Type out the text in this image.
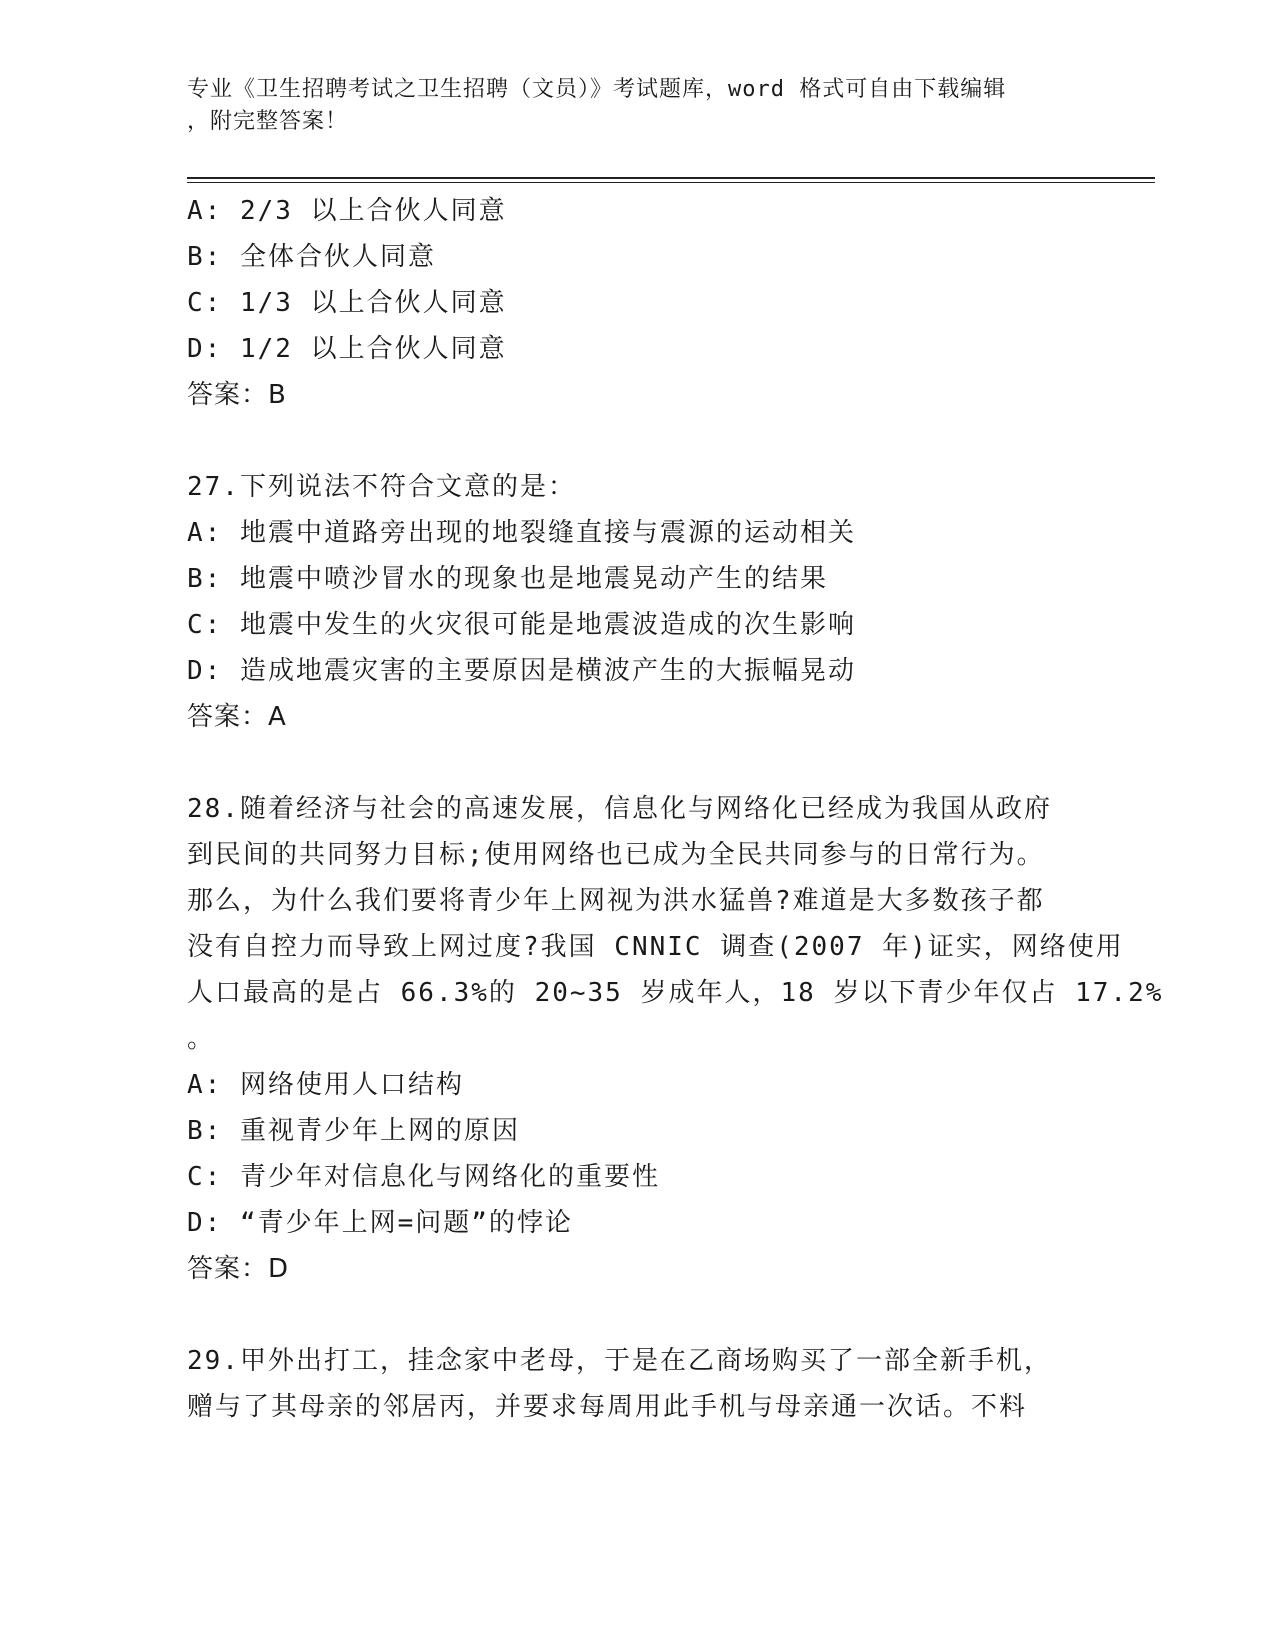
专业《卫生招聘考试之卫生招聘（文员）》考试题库，word 格式可自由下载编辑
，附完整答案！
A: 2/3 以上合伙人同意
B: 全体合伙人同意
C: 1/3 以上合伙人同意
D: 1/2 以上合伙人同意
答案：B
27.下列说法不符合文意的是：
A: 地震中道路旁出现的地裂缝直接与震源的运动相关
B: 地震中喷沙冒水的现象也是地震晃动产生的结果
C: 地震中发生的火灾很可能是地震波造成的次生影响
D: 造成地震灾害的主要原因是横波产生的大振幅晃动
答案：A
28.随着经济与社会的高速发展，信息化与网络化已经成为我国从政府
到民间的共同努力目标;使用网络也已成为全民共同参与的日常行为。
那么，为什么我们要将青少年上网视为洪水猛兽?难道是大多数孩子都
没有自控力而导致上网过度?我国 CNNIC 调查(2007 年)证实，网络使用
人口最高的是占 66.3%的 20~35 岁成年人，18 岁以下青少年仅占 17.2%
。
A: 网络使用人口结构
B: 重视青少年上网的原因
C: 青少年对信息化与网络化的重要性
D: “青少年上网=问题”的悖论
答案：D
29.甲外出打工，挂念家中老母，于是在乙商场购买了一部全新手机，
赠与了其母亲的邻居丙，并要求每周用此手机与母亲通一次话。不料
